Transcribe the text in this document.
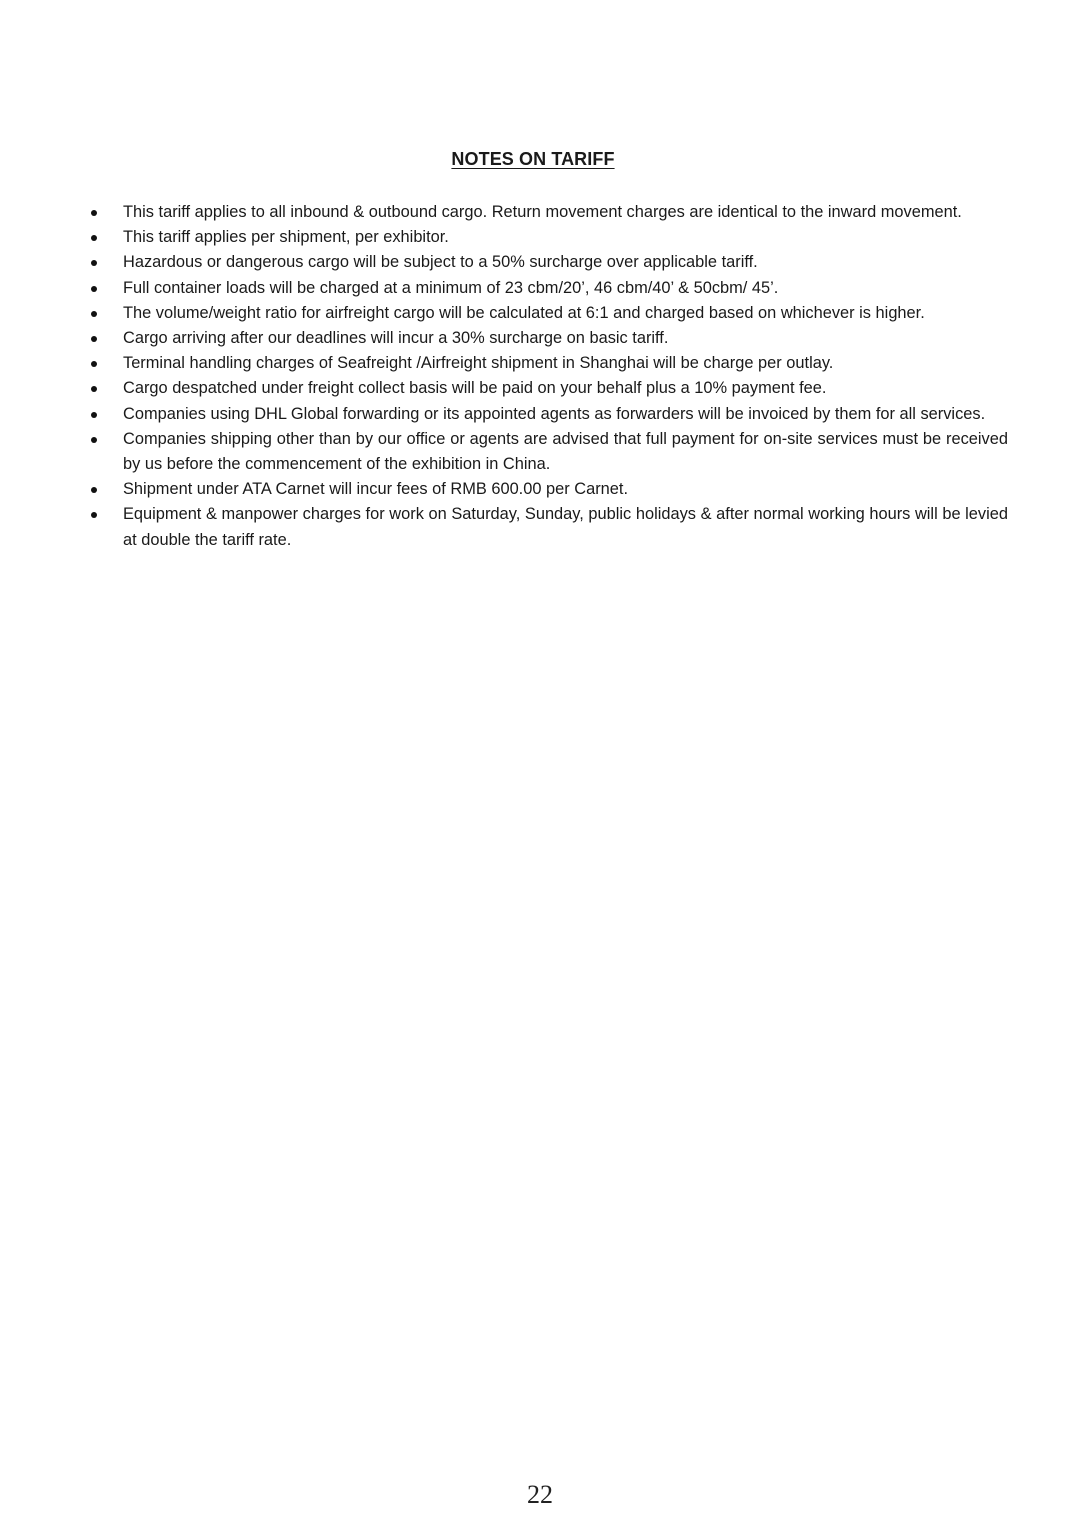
NOTES ON TARIFF
This tariff applies to all inbound & outbound cargo. Return movement charges are identical to the inward movement.
This tariff applies per shipment, per exhibitor.
Hazardous or dangerous cargo will be subject to a 50% surcharge over applicable tariff.
Full container loads will be charged at a minimum of 23 cbm/20’, 46 cbm/40’ & 50cbm/ 45’.
The volume/weight ratio for airfreight cargo will be calculated at 6:1 and charged based on whichever is higher.
Cargo arriving after our deadlines will incur a 30% surcharge on basic tariff.
Terminal handling charges of Seafreight /Airfreight shipment in Shanghai will be charge per outlay.
Cargo despatched under freight collect basis will be paid on your behalf plus a 10% payment fee.
Companies using DHL Global forwarding or its appointed agents as forwarders will be invoiced by them for all services.
Companies shipping other than by our office or agents are advised that full payment for on-site services must be received by us before the commencement of the exhibition in China.
Shipment under ATA Carnet will incur fees of RMB 600.00 per Carnet.
Equipment & manpower charges for work on Saturday, Sunday, public holidays & after normal working hours will be levied at double the tariff rate.
22
